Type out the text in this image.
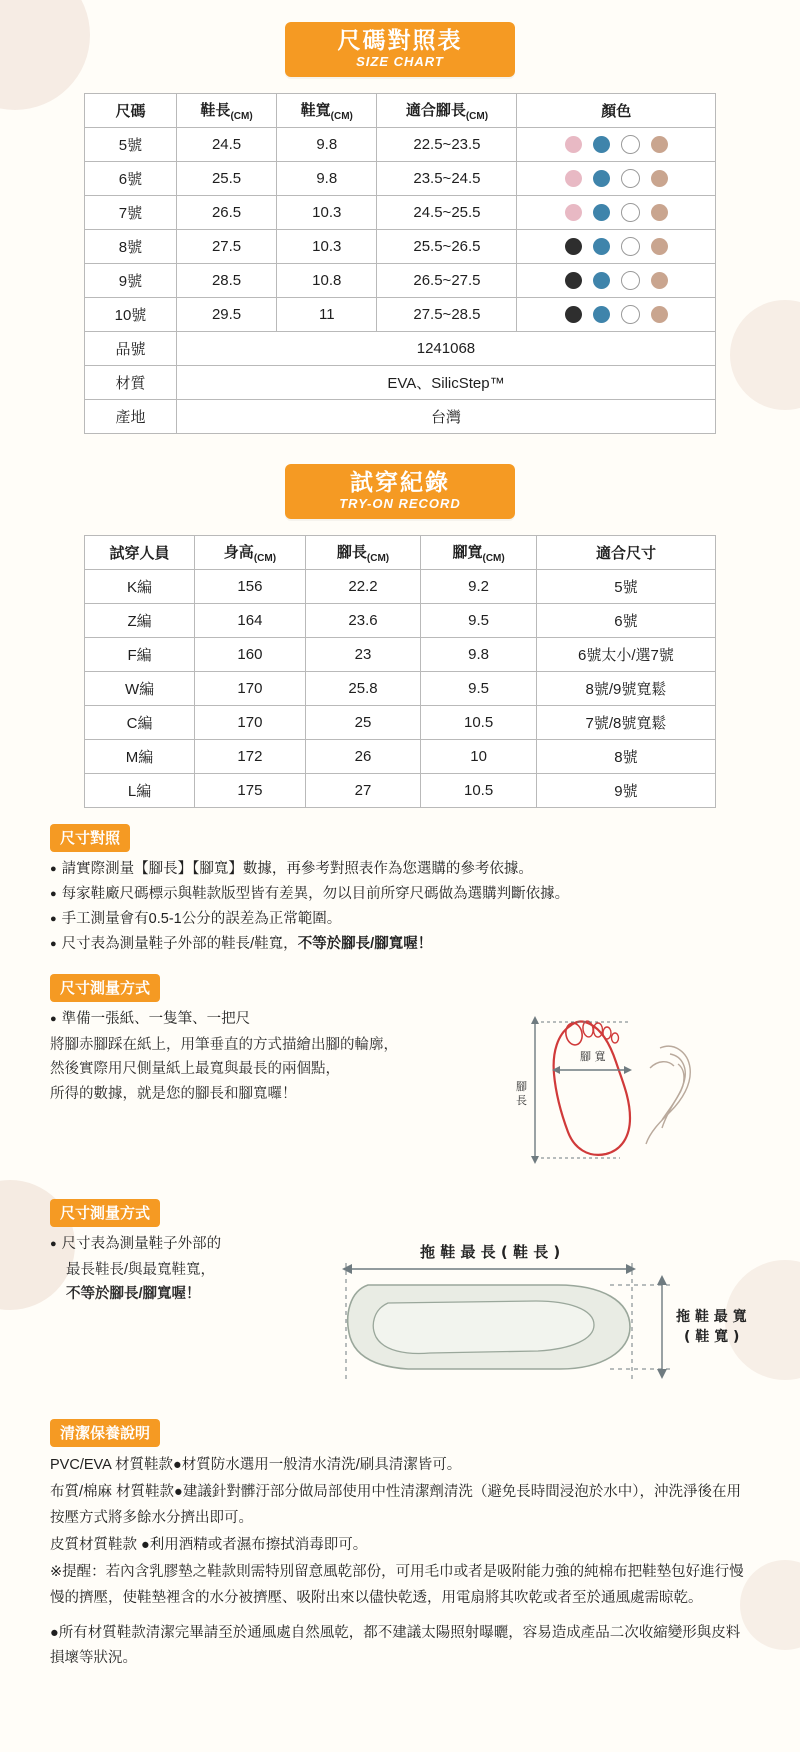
尺碼對照表
SIZE CHART
尺碼	鞋長$_{(CM)}$	鞋寬$_{(CM)}$	適合腳長$_{(CM)}$	顏色
5號	24.5	9.8	22.5~23.5	

6號	25.5	9.8	23.5~24.5	

7號	26.5	10.3	24.5~25.5	

8號	27.5	10.3	25.5~26.5	

9號	28.5	10.8	26.5~27.5	

10號	29.5	11	27.5~28.5	

品號	1241068			
材質	EVA、SilicStep™			
產地	台灣			
試穿紀錄
TRY-ON RECORD
試穿人員	身高$_{(CM)}$	腳長$_{(CM)}$	腳寬$_{(CM)}$	適合尺寸
K編	156	22.2	9.2	5號
Z編	164	23.6	9.5	6號
F編	160	23	9.8	6號太小/選7號
W編	170	25.8	9.5	8號/9號寬鬆
C編	170	25	10.5	7號/8號寬鬆
M編	172	26	10	8號
L編	175	27	10.5	9號
尺寸對照
● 請實際測量【腳長】【腳寬】數據，再參考對照表作為您選購的參考依據。
● 每家鞋廠尺碼標示與鞋款版型皆有差異，勿以目前所穿尺碼做為選購判斷依據。
● 手工測量會有0.5-1公分的誤差為正常範圍。
● 尺寸表為測量鞋子外部的鞋長/鞋寬，不等於腳長/腳寬喔！
尺寸測量方式
● 準備一張紙、一隻筆、一把尺
將腳赤腳踩在紙上，用筆垂直的方式描繪出腳的輪廓，
然後實際用尺側量紙上最寬與最長的兩個點，
所得的數據，就是您的腳長和腳寬囉！	腳
長
腳 寬
尺寸測量方式
● 尺寸表為測量鞋子外部的
最長鞋長/與最寬鞋寬，
不等於腳長/腳寬喔！
拖 鞋 最 長 ( 鞋 長 )
拖 鞋 最 寬
( 鞋 寬 )
清潔保養說明

PVC/EVA 材質鞋款●材質防水選用一般清水清洗/刷具清潔皆可。

布質/棉麻 材質鞋款●建議針對髒汙部分做局部使用中性清潔劑清洗（避免長時間浸泡於水中），沖洗淨後在用按壓方式將多餘水分擠出即可。

皮質材質鞋款 ●利用酒精或者濕布擦拭消毒即可。

※提醒：若內含乳膠墊之鞋款則需特別留意風乾部份，可用毛巾或者是吸附能力強的純棉布把鞋墊包好進行慢慢的擠壓，使鞋墊裡含的水分被擠壓、吸附出來以儘快乾透，用電扇將其吹乾或者至於通風處需晾乾。

●所有材質鞋款清潔完畢請至於通風處自然風乾，都不建議太陽照射曝曬，容易造成產品二次收縮變形與皮料損壞等狀況。
